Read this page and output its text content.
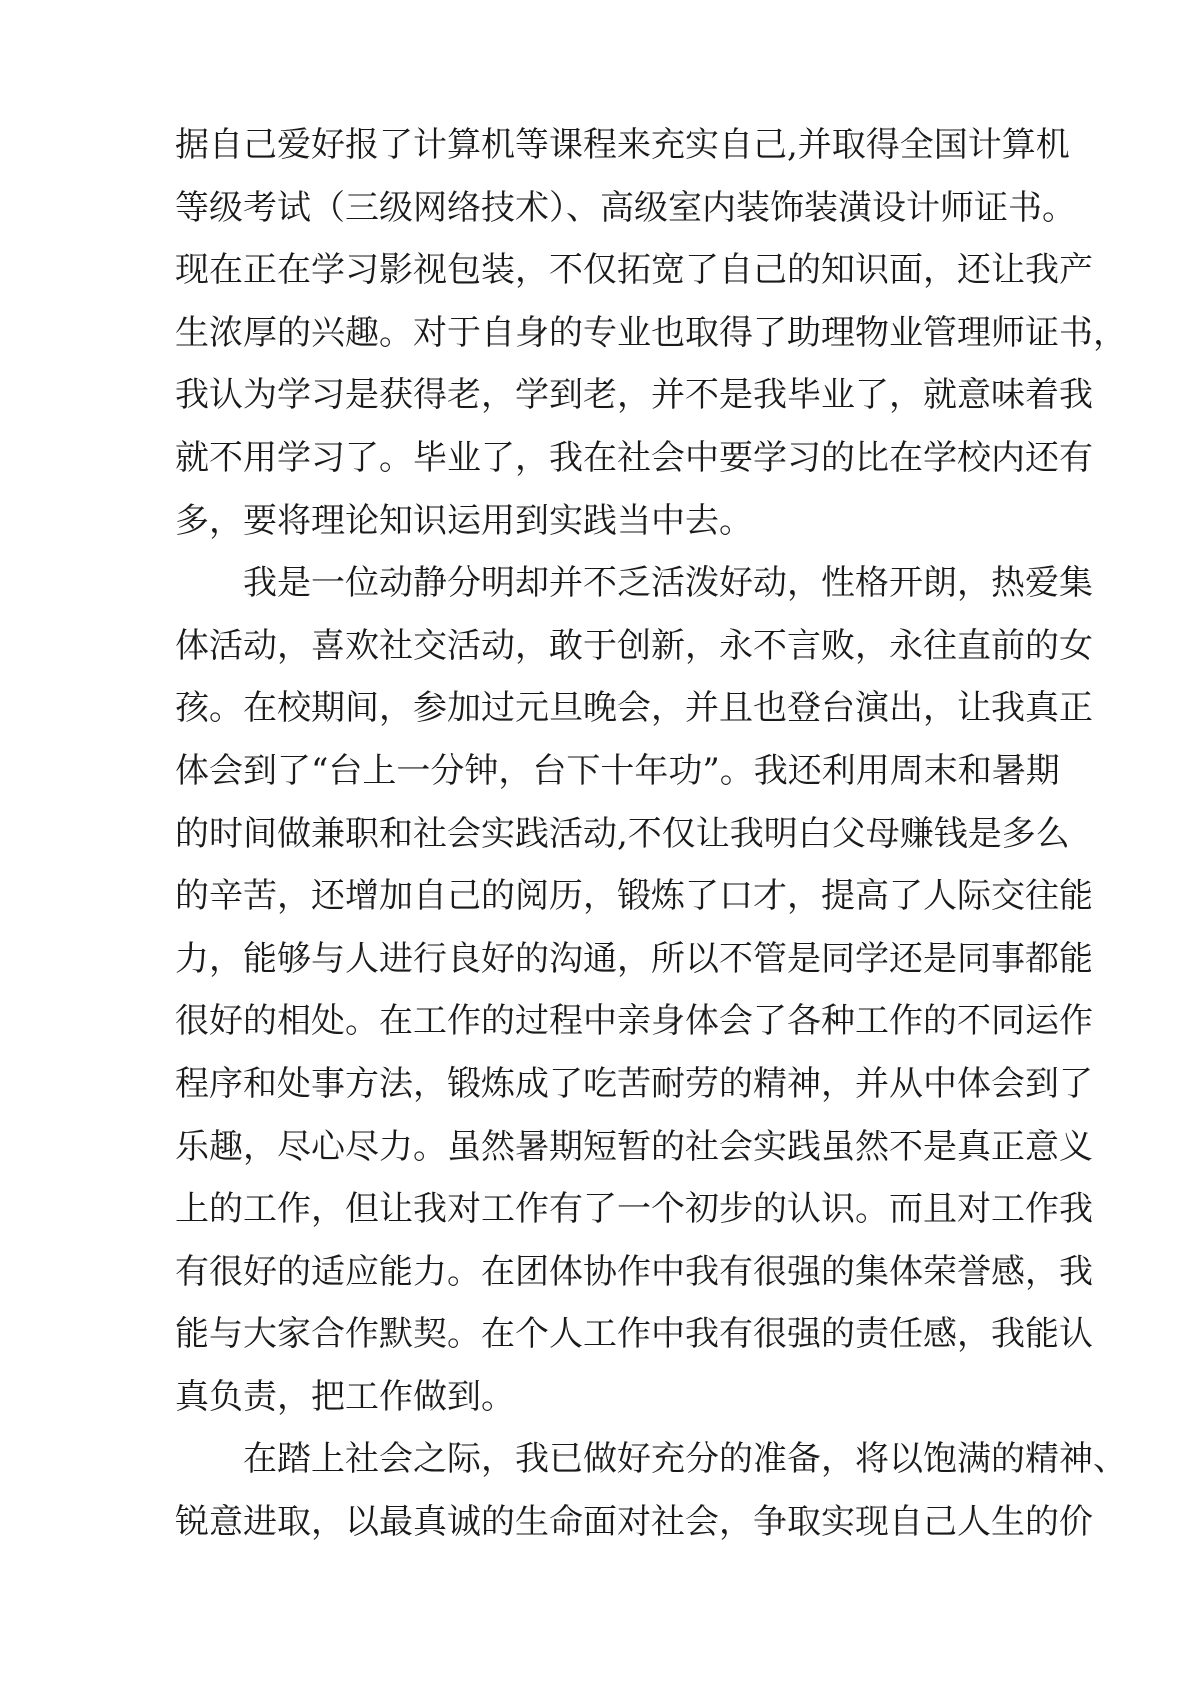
据自己爱好报了计算机等课程来充实自己,并取得全国计算机
等级考试（三级网络技术）、高级室内装饰装潢设计师证书。
现在正在学习影视包装，不仅拓宽了自己的知识面，还让我产
生浓厚的兴趣。对于自身的专业也取得了助理物业管理师证书，
我认为学习是获得老，学到老，并不是我毕业了，就意味着我
就不用学习了。毕业了，我在社会中要学习的比在学校内还有
多，要将理论知识运用到实践当中去。
我是一位动静分明却并不乏活泼好动，性格开朗，热爱集
体活动，喜欢社交活动，敢于创新，永不言败，永往直前的女
孩。在校期间，参加过元旦晚会，并且也登台演出，让我真正
体会到了“台上一分钟，台下十年功”。我还利用周末和暑期
的时间做兼职和社会实践活动,不仅让我明白父母赚钱是多么
的辛苦，还增加自己的阅历，锻炼了口才，提高了人际交往能
力，能够与人进行良好的沟通，所以不管是同学还是同事都能
很好的相处。在工作的过程中亲身体会了各种工作的不同运作
程序和处事方法，锻炼成了吃苦耐劳的精神，并从中体会到了
乐趣，尽心尽力。虽然暑期短暂的社会实践虽然不是真正意义
上的工作，但让我对工作有了一个初步的认识。而且对工作我
有很好的适应能力。在团体协作中我有很强的集体荣誉感，我
能与大家合作默契。在个人工作中我有很强的责任感，我能认
真负责，把工作做到。
在踏上社会之际，我已做好充分的准备，将以饱满的精神、
锐意进取，以最真诚的生命面对社会，争取实现自己人生的价
